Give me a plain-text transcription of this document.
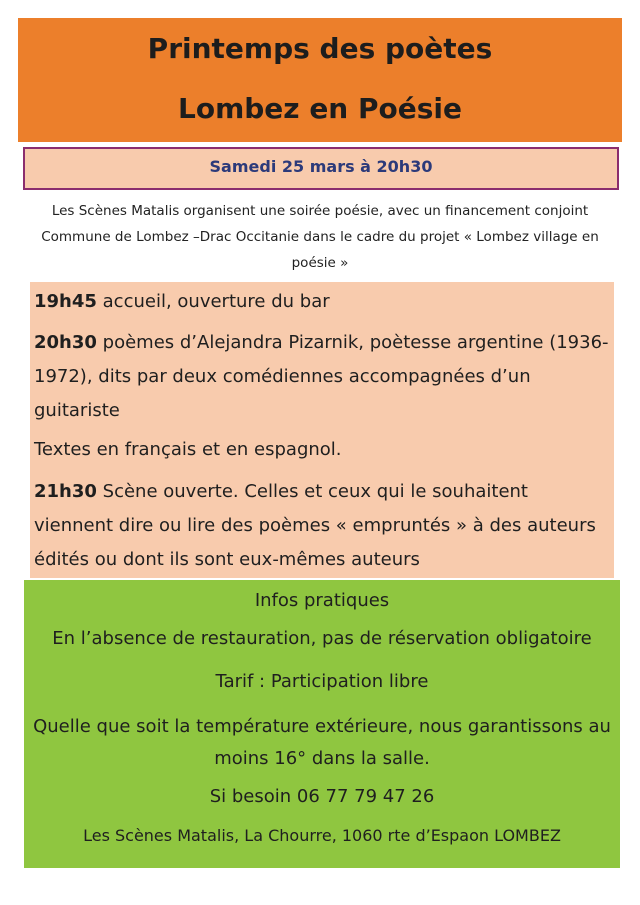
Printemps des poètes
Lombez en Poésie
Samedi 25 mars à 20h30
Les Scènes Matalis organisent une soirée poésie, avec un financement conjoint Commune de Lombez –Drac Occitanie dans le cadre du projet « Lombez village en poésie »

19h45 accueil, ouverture du bar

20h30 poèmes d’Alejandra Pizarnik, poètesse argentine (1936-1972), dits par deux comédiennes accompagnées d’un guitariste

Textes en français et en espagnol.

21h30 Scène ouverte. Celles et ceux qui le souhaitent viennent dire ou lire des poèmes « empruntés » à des auteurs édités ou dont ils sont eux-mêmes auteurs

Infos pratiques
En l’absence de restauration, pas de réservation obligatoire
Tarif : Participation libre
Quelle que soit la température extérieure, nous garantissons au moins 16° dans la salle.
Si besoin 06 77 79 47 26
Les Scènes Matalis, La Chourre, 1060 rte d’Espaon LOMBEZ
